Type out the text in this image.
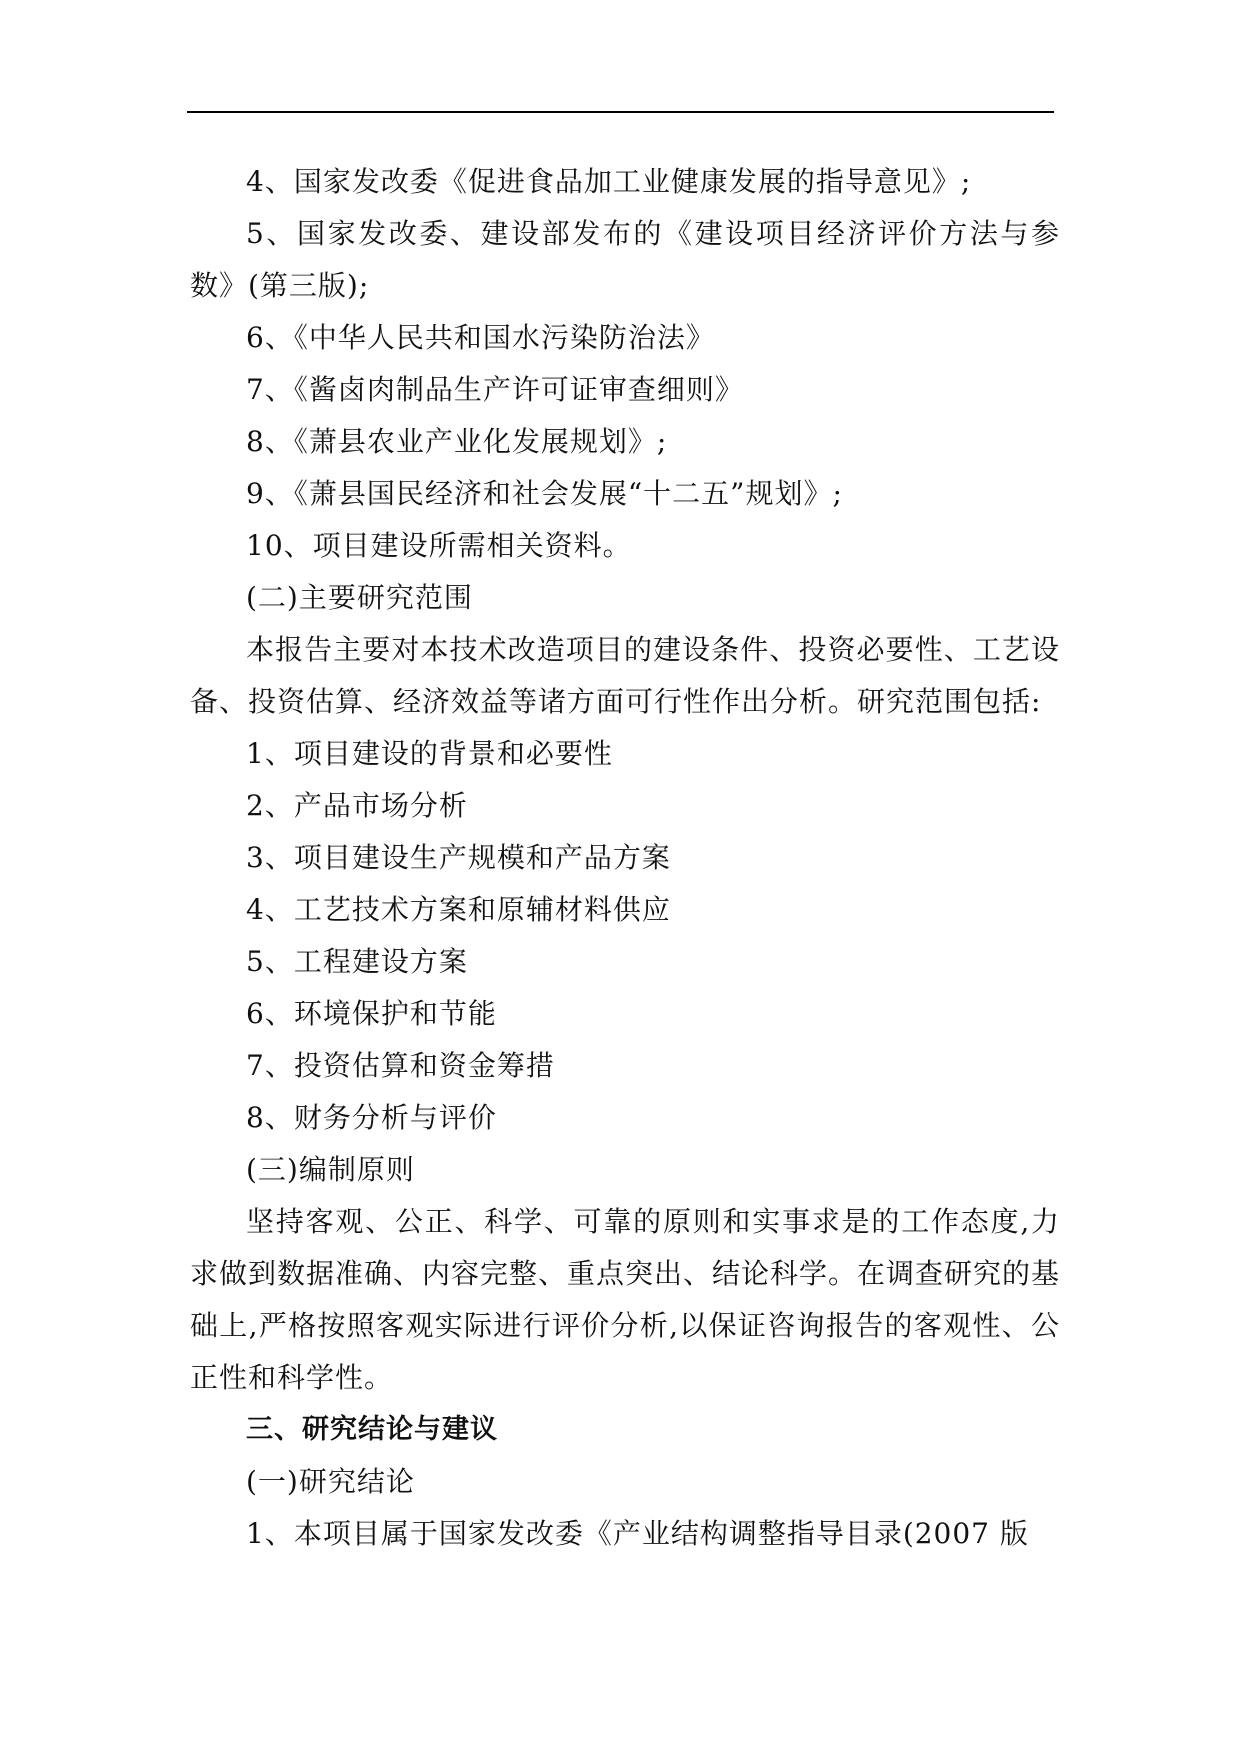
4、国家发改委《促进食品加工业健康发展的指导意见》;

5、国家发改委、建设部发布的《建设项目经济评价方法与参数》(第三版);

6、《中华人民共和国水污染防治法》

7、《酱卤肉制品生产许可证审查细则》

8、《萧县农业产业化发展规划》;

9、《萧县国民经济和社会发展“十二五”规划》;

10、项目建设所需相关资料。

(二)主要研究范围

本报告主要对本技术改造项目的建设条件、投资必要性、工艺设备、投资估算、经济效益等诸方面可行性作出分析。研究范围包括:

1、项目建设的背景和必要性

2、产品市场分析

3、项目建设生产规模和产品方案

4、工艺技术方案和原辅材料供应

5、工程建设方案

6、环境保护和节能

7、投资估算和资金筹措

8、财务分析与评价

(三)编制原则

坚持客观、公正、科学、可靠的原则和实事求是的工作态度,力求做到数据准确、内容完整、重点突出、结论科学。在调查研究的基础上,严格按照客观实际进行评价分析,以保证咨询报告的客观性、公正性和科学性。

三、研究结论与建议

(一)研究结论

1、本项目属于国家发改委《产业结构调整指导目录(2007 版
